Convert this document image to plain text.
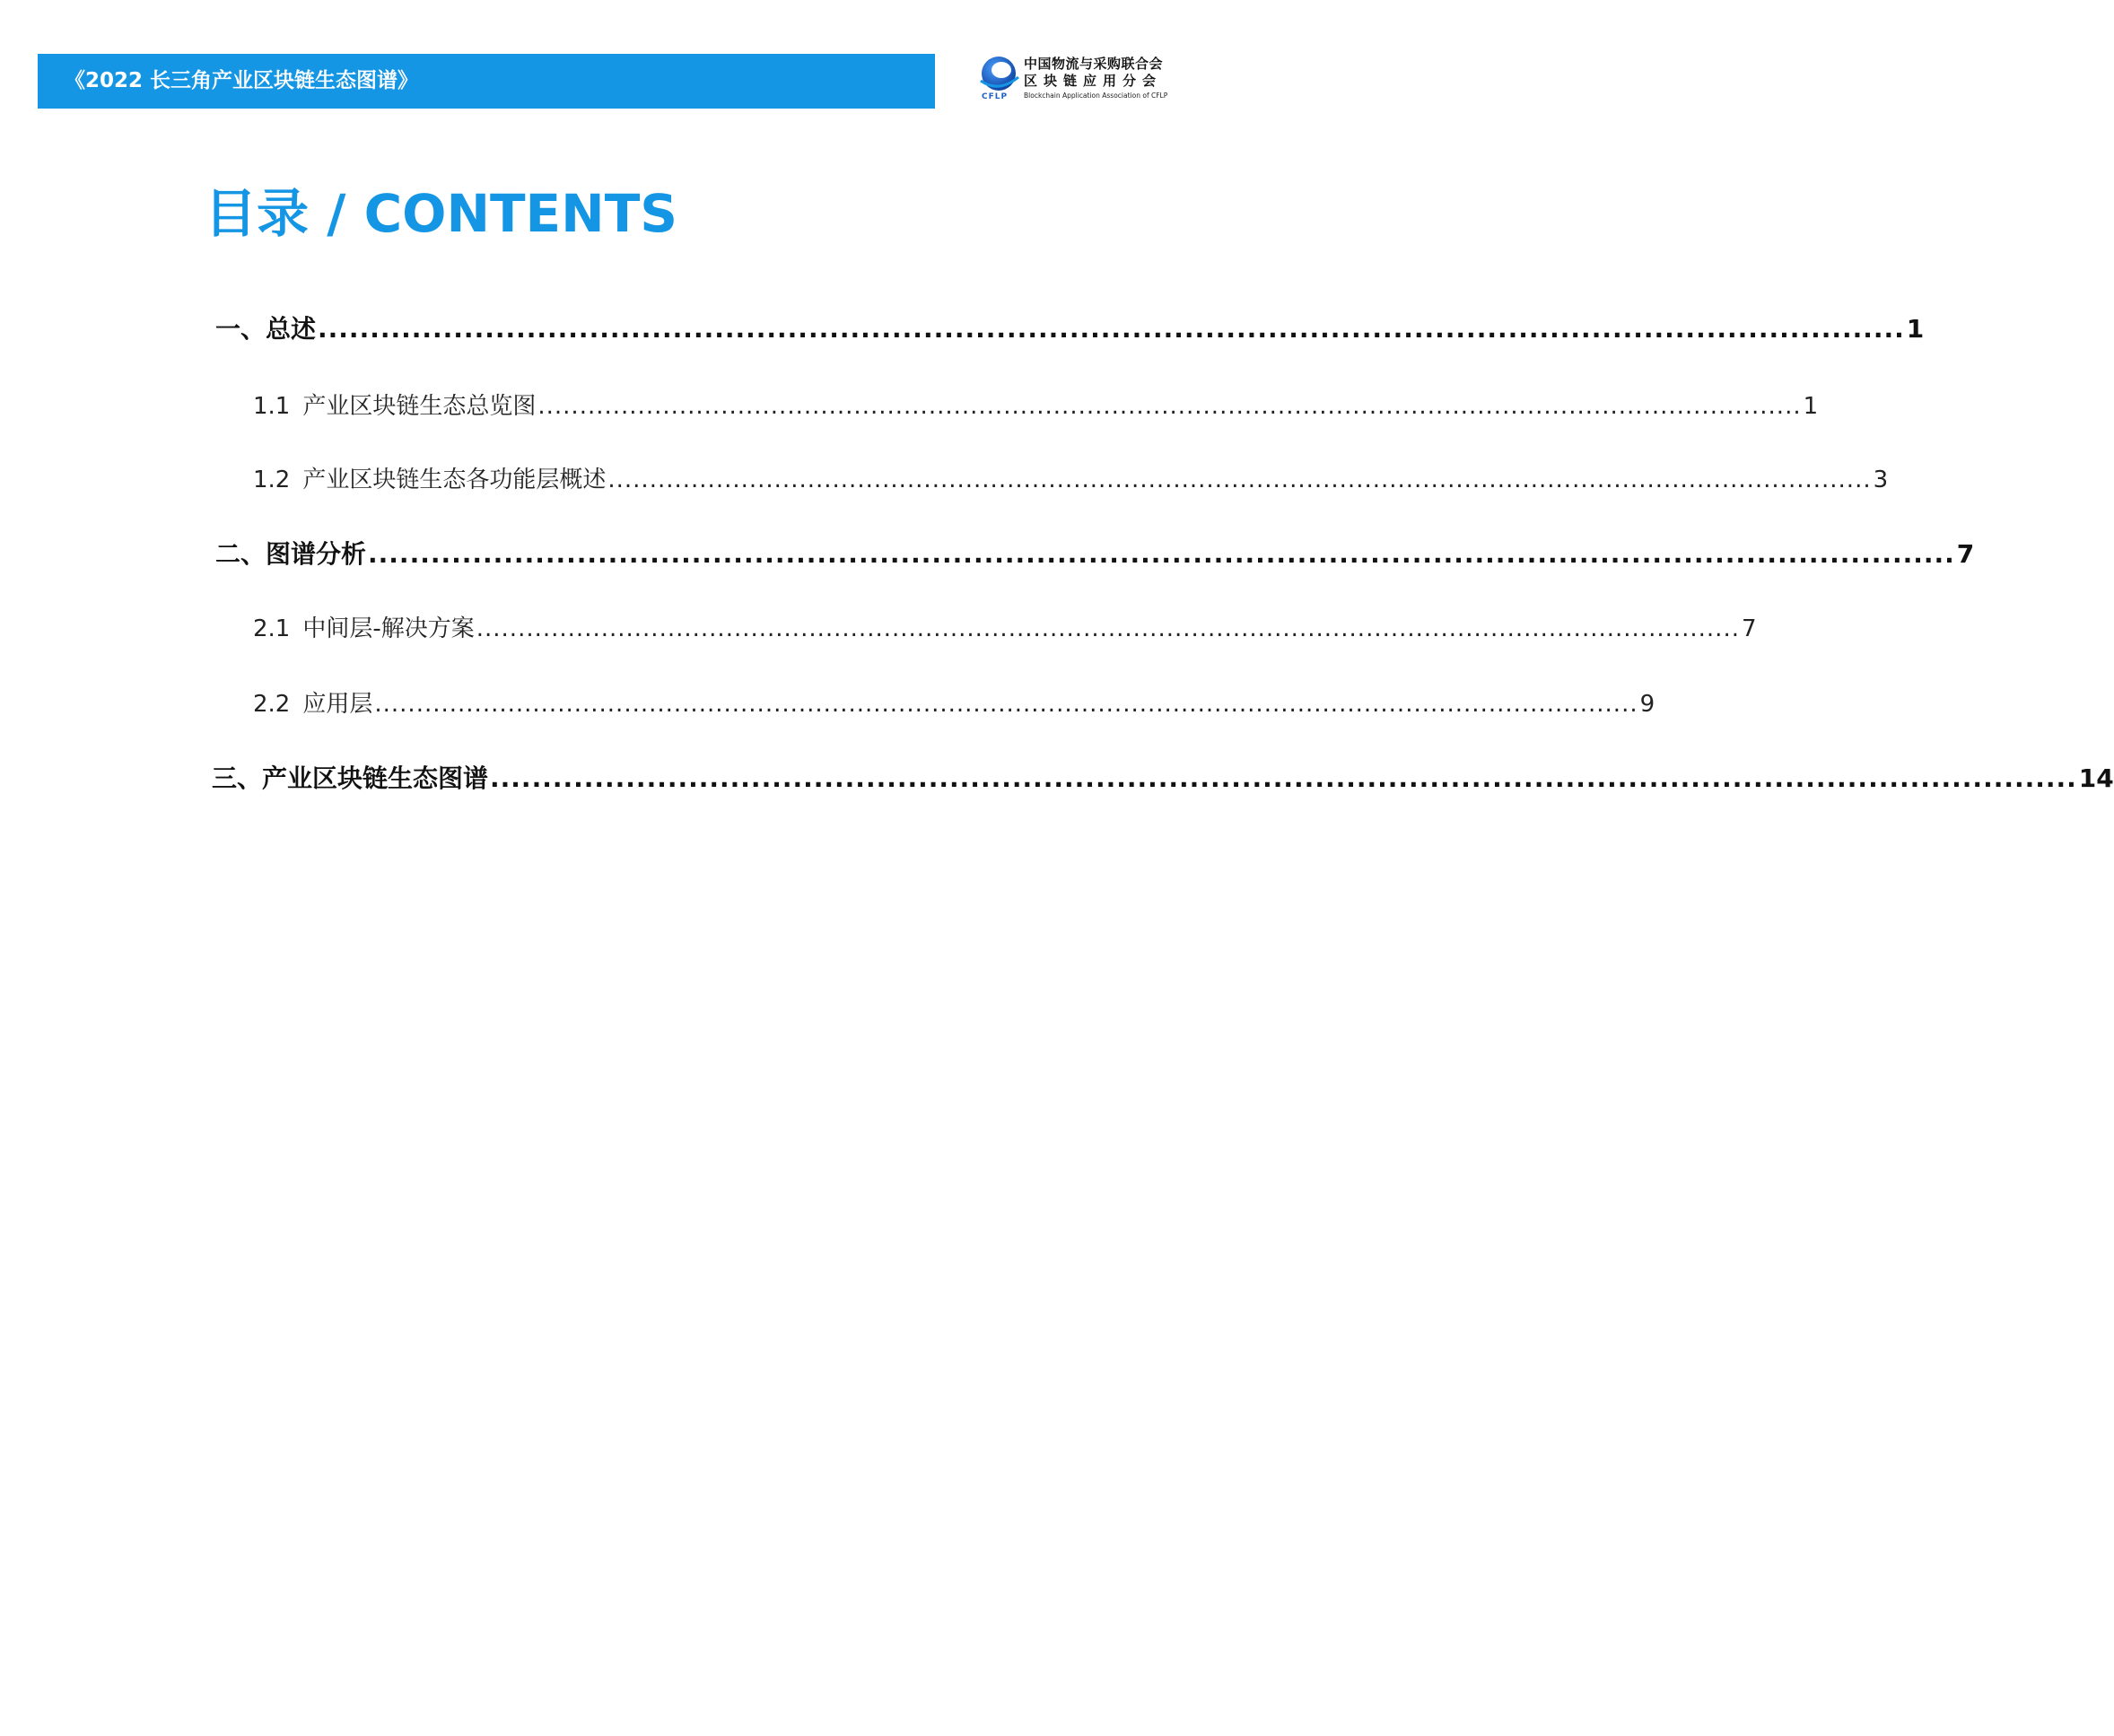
《2022 长三角产业区块链生态图谱》
CFLP
中国物流与采购联合会
区块链应用分会
Blockchain Application Association of CFLP
目录 / CONTENTS
一、总述 ........................................................................................................................................................ 1
1.1 产业区块链生态总览图 ........................................................................................................................................................ 1
1.2 产业区块链生态各功能层概述 ........................................................................................................................................................ 3
二、图谱分析 ........................................................................................................................................................ 7
2.1 中间层-解决方案 ........................................................................................................................................................ 7
2.2 应用层 ........................................................................................................................................................ 9
三、产业区块链生态图谱 ........................................................................................................................................................ 14
